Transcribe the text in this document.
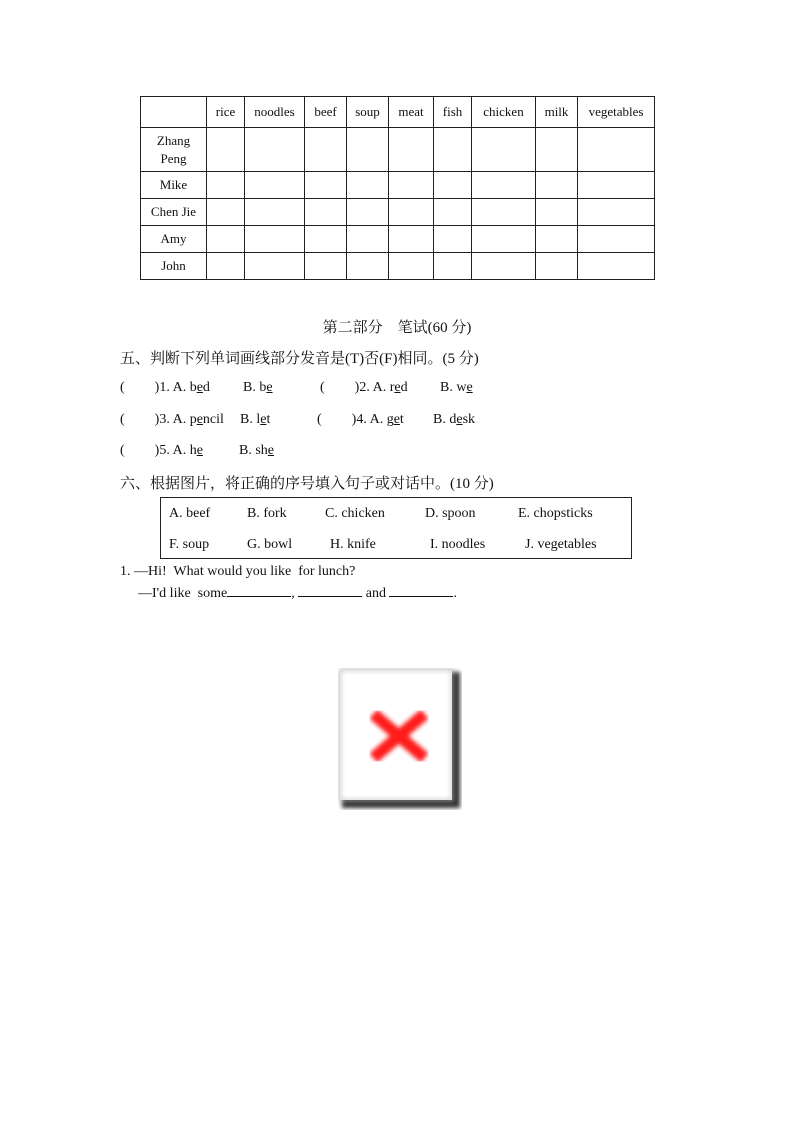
	rice	noodles	beef	soup	meat	fish	chicken	milk	vegetables
Zhang Peng									
Mike									
Chen Jie									
Amy									
John									
第二部分　笔试(60 分)
五、判断下列单词画线部分发音是(T)否(F)相同。(5 分)
( )1. A. bed B. be	( )2. A. red B. we
( )3. A. pencil B. let	( )4. A. get B. desk
( )5. A. he	B. she
六、根据图片，将正确的序号填入句子或对话中。(10 分)
A. beef	B. fork	C. chicken	D. spoon	E. chopsticks
F. soup	G. bowl	H. knife	I. noodles	J. vegetables
1. —Hi!  What would you like  for lunch?
—I'd like  some	,	and	.
